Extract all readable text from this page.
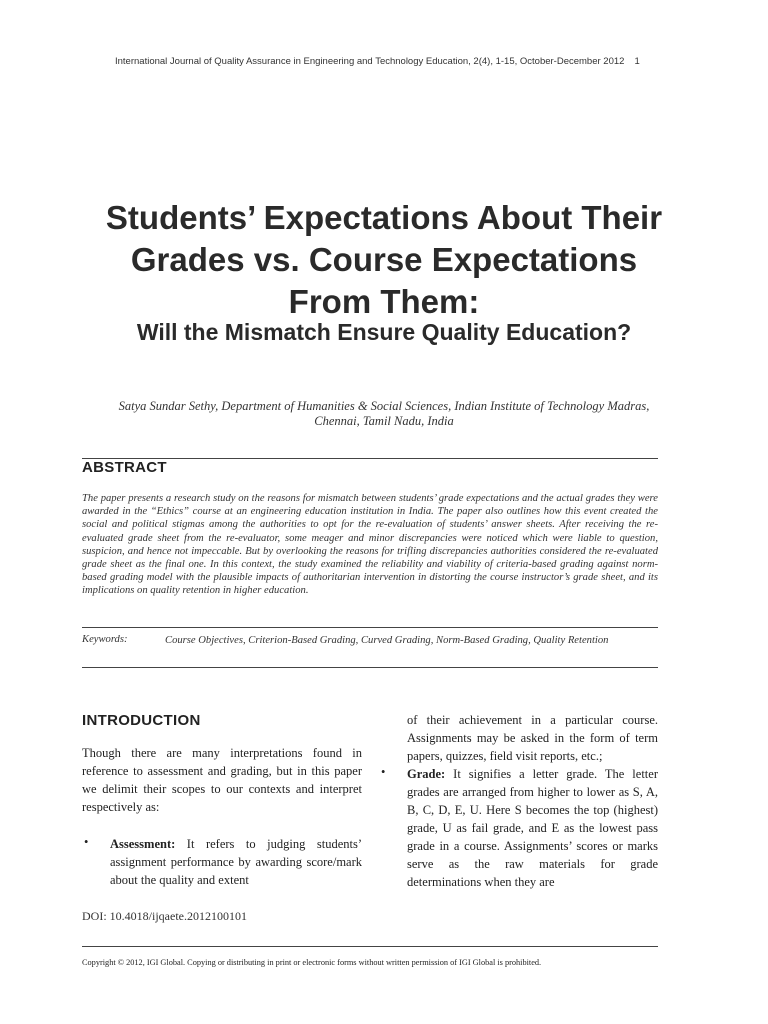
International Journal of Quality Assurance in Engineering and Technology Education, 2(4), 1-15, October-December 2012 1
Students’ Expectations About Their Grades vs. Course Expectations From Them:
Will the Mismatch Ensure Quality Education?
Satya Sundar Sethy, Department of Humanities & Social Sciences, Indian Institute of Technology Madras, Chennai, Tamil Nadu, India
ABSTRACT
The paper presents a research study on the reasons for mismatch between students’ grade expectations and the actual grades they were awarded in the “Ethics” course at an engineering education institution in India. The paper also outlines how this event created the social and political stigmas among the authorities to opt for the re-evaluation of students’ answer sheets. After receiving the re-evaluated grade sheet from the re-evaluator, some meager and minor discrepancies were noticed which were liable to question, suspicion, and hence not impeccable. But by overlooking the reasons for trifling discrepancies authorities considered the re-evaluated grade sheet as the final one. In this context, the study examined the reliability and viability of criteria-based grading against norm-based grading model with the plausible impacts of authoritarian intervention in distorting the course instructor’s grade sheet, and its implications on quality retention in higher education.
Keywords:	Course Objectives, Criterion-Based Grading, Curved Grading, Norm-Based Grading, Quality Retention
INTRODUCTION
Though there are many interpretations found in reference to assessment and grading, but in this paper we delimit their scopes to our contexts and interpret respectively as:
• Assessment: It refers to judging students’ assignment performance by awarding score/mark about the quality and extent
of their achievement in a particular course. Assignments may be asked in the form of term papers, quizzes, field visit reports, etc.;
• Grade: It signifies a letter grade. The letter grades are arranged from higher to lower as S, A, B, C, D, E, U. Here S becomes the top (highest) grade, U as fail grade, and E as the lowest pass grade in a course. Assignments’ scores or marks serve as the raw materials for grade determinations when they are
DOI: 10.4018/ijqaete.2012100101
Copyright © 2012, IGI Global. Copying or distributing in print or electronic forms without written permission of IGI Global is prohibited.
